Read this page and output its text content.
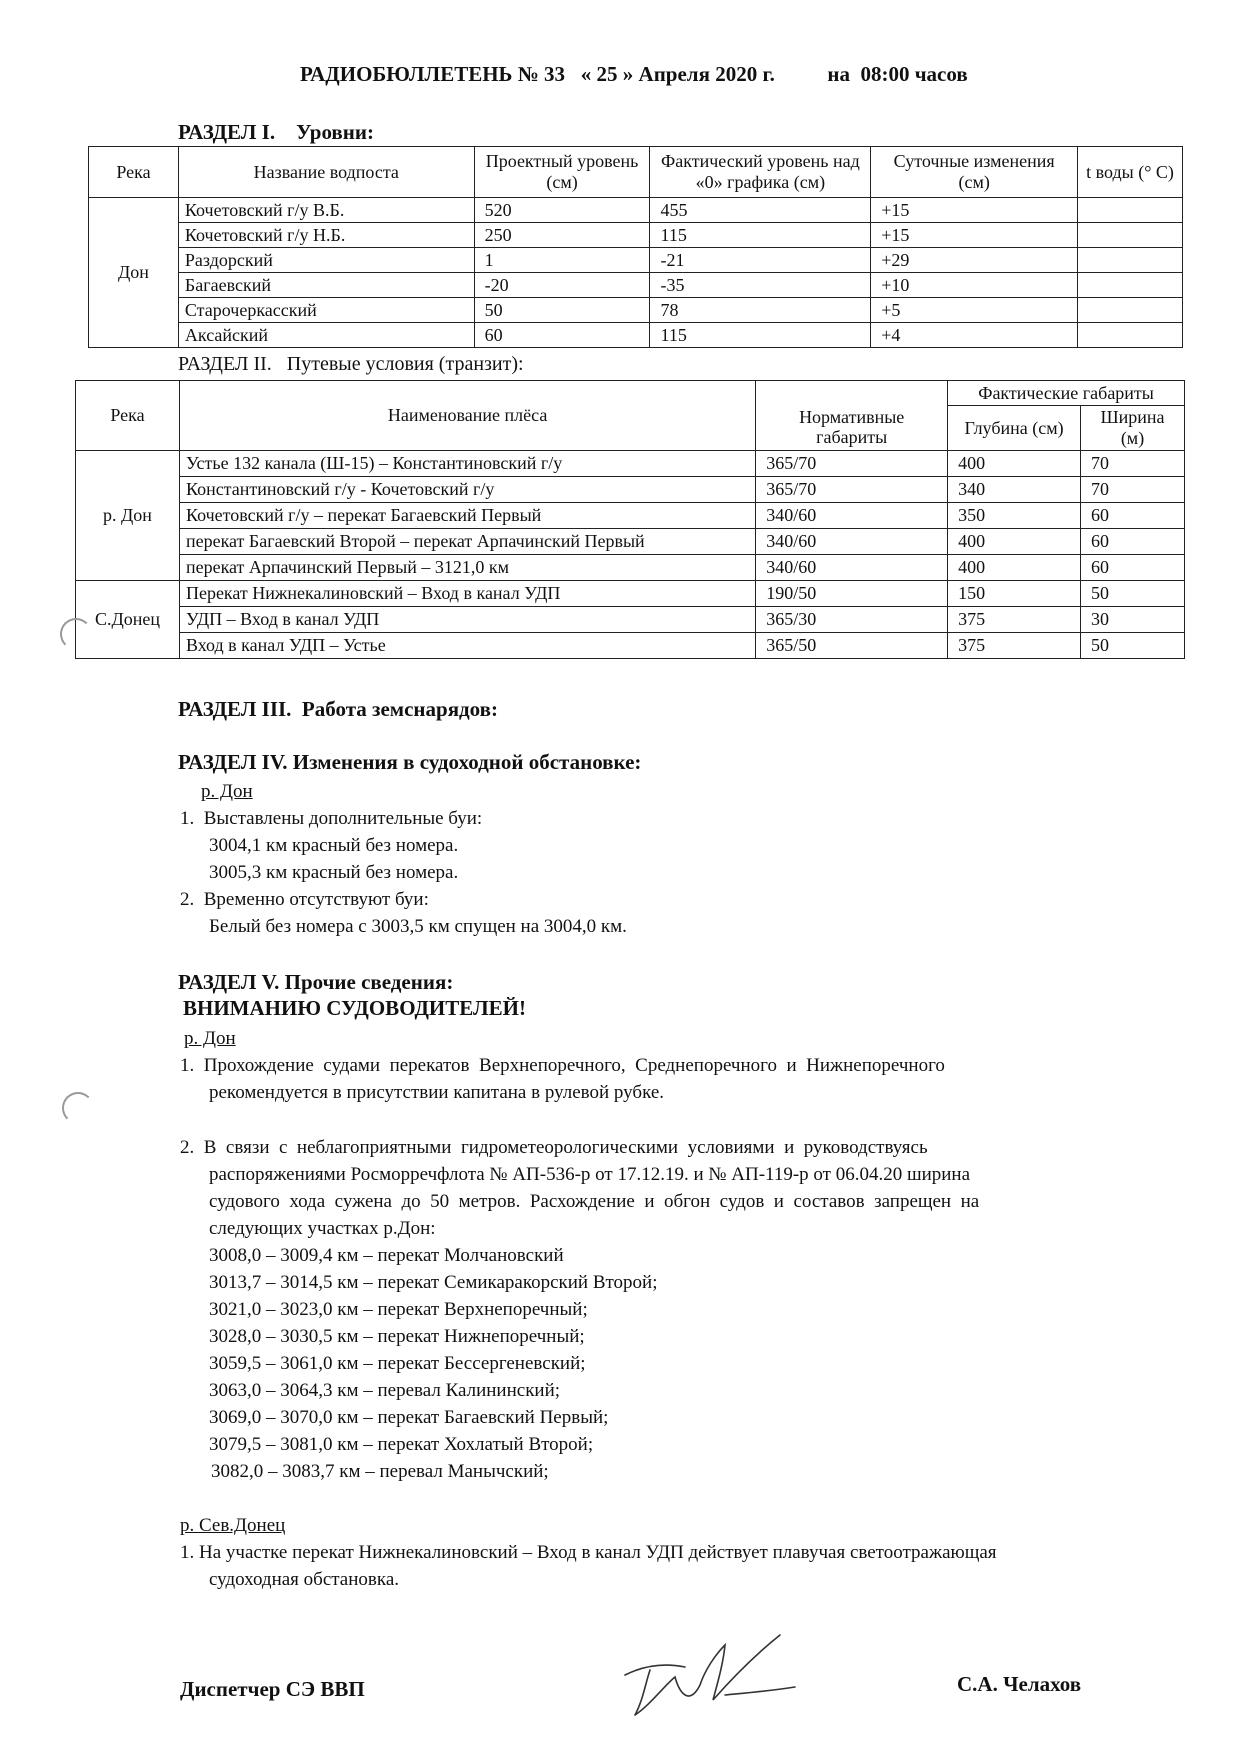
РАДИОБЮЛЛЕТЕНЬ № 33   « 25 » Апреля 2020 г.          на  08:00 часов
РАЗДЕЛ I.    Уровни:
Река	Название водпоста	Проектный уровень (см)	Фактический уровень над «0» графика (см)	Суточные изменения (см)	t воды (° С)
Дон	Кочетовский г/у В.Б.	520	455	+15	
	Кочетовский г/у Н.Б.	250	115	+15	
	Раздорский	1	-21	+29	
	Багаевский	-20	-35	+10	
	Старочеркасский	50	78	+5	
	Аксайский	60	115	+4	
РАЗДЕЛ II.   Путевые условия (транзит):
Река	Наименование плёса	Нормативные габариты	Фактические габариты	
			Глубина (см)	Ширина (м)
р. Дон	Устье 132 канала (Ш-15) – Константиновский г/у	365/70	400	70
	Константиновский г/у - Кочетовский г/у	365/70	340	70
	Кочетовский г/у – перекат Багаевский Первый	340/60	350	60
	перекат Багаевский Второй – перекат Арпачинский Первый	340/60	400	60
	перекат Арпачинский Первый – 3121,0 км	340/60	400	60
С.Донец	Перекат Нижнекалиновский – Вход в канал УДП	190/50	150	50
	УДП – Вход в канал УДП	365/30	375	30
	Вход в канал УДП – Устье	365/50	375	50
РАЗДЕЛ III.  Работа земснарядов:
РАЗДЕЛ IV. Изменения в судоходной обстановке:
р. Дон
1.  Выставлены дополнительные буи:
3004,1 км красный без номера.
3005,3 км красный без номера.
2.  Временно отсутствуют буи:
Белый без номера с 3003,5 км спущен на 3004,0 км.
РАЗДЕЛ V. Прочие сведения:
ВНИМАНИЮ СУДОВОДИТЕЛЕЙ!
р. Дон
1.  Прохождение  судами  перекатов  Верхнепоречного,  Среднепоречного  и  Нижнепоречного
рекомендуется в присутствии капитана в рулевой рубке.
2.  В  связи  с  неблагоприятными  гидрометеорологическими  условиями  и  руководствуясь
распоряжениями Росморречфлота № АП-536-р от 17.12.19. и № АП-119-р от 06.04.20 ширина
судового  хода  сужена  до  50  метров.  Расхождение  и  обгон  судов  и  составов  запрещен  на
следующих участках р.Дон:
3008,0 – 3009,4 км – перекат Молчановский
3013,7 – 3014,5 км – перекат Семикаракорский Второй;
3021,0 – 3023,0 км – перекат Верхнепоречный;
3028,0 – 3030,5 км – перекат Нижнепоречный;
3059,5 – 3061,0 км – перекат Бессергеневский;
3063,0 – 3064,3 км – перевал Калининский;
3069,0 – 3070,0 км – перекат Багаевский Первый;
3079,5 – 3081,0 км – перекат Хохлатый Второй;
3082,0 – 3083,7 км – перевал Манычский;
р. Сев.Донец
1. На участке перекат Нижнекалиновский – Вход в канал УДП действует плавучая светоотражающая
судоходная обстановка.
Диспетчер СЭ ВВП	С.А. Челахов
